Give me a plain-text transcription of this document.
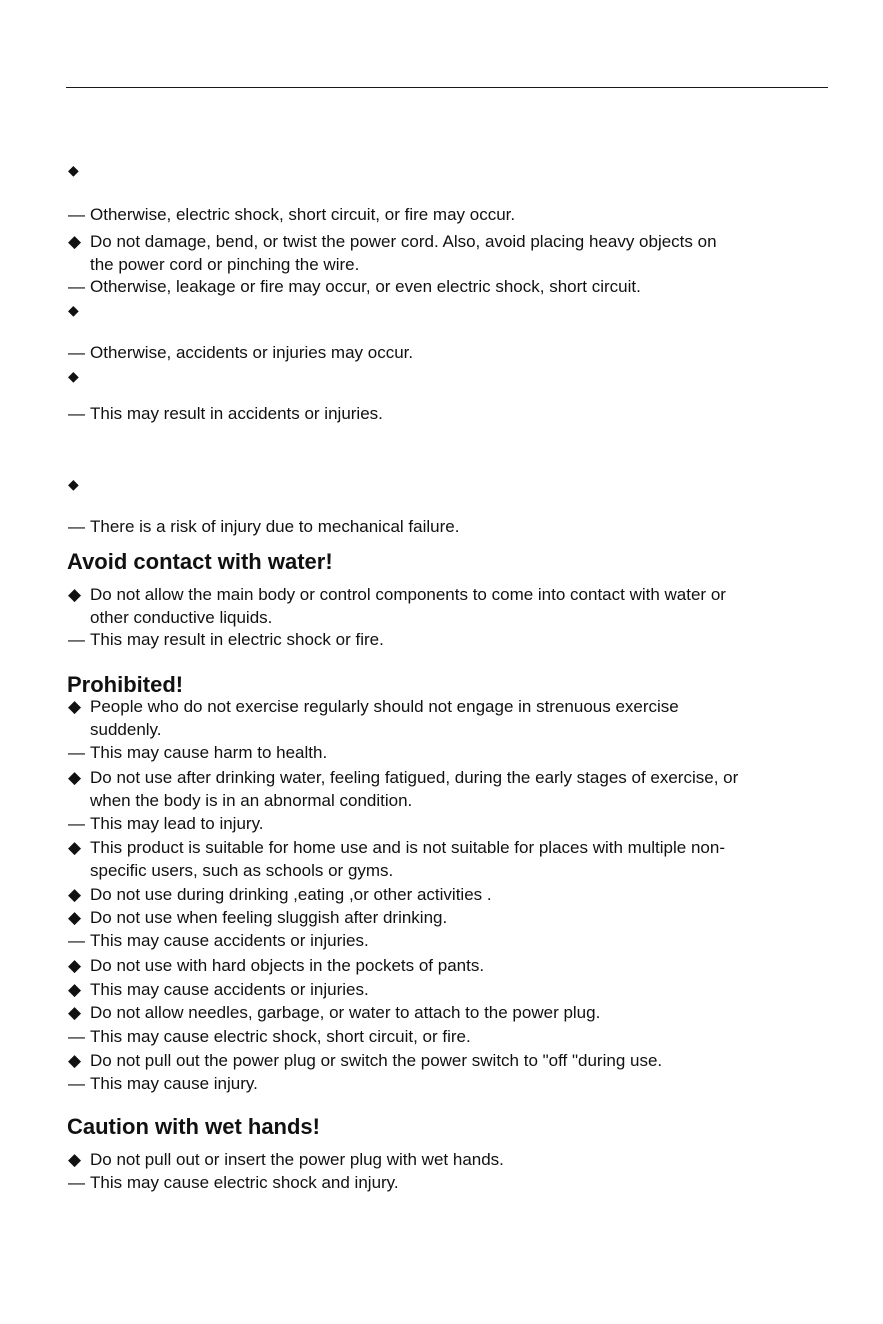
◆
— Otherwise, electric shock, short circuit, or fire may occur.
◆ Do not damage, bend, or twist the power cord. Also, avoid placing heavy objects on
the power cord or pinching the wire.
— Otherwise, leakage or fire may occur, or even electric shock, short circuit.
◆
— Otherwise, accidents or injuries may occur.
◆
— This may result in accidents or injuries.
◆
— There is a risk of injury due to mechanical failure.
Avoid contact with water!
◆ Do not allow the main body or control components to come into contact with water or
other conductive liquids.
— This may result in electric shock or fire.
Prohibited!
◆ People who do not exercise regularly should not engage in strenuous exercise
suddenly.
— This may cause harm to health.
◆ Do not use after drinking water, feeling fatigued, during the early stages of exercise, or
when the body is in an abnormal condition.
— This may lead to injury.
◆ This product is suitable for home use and is not suitable for places with multiple non-
specific users, such as schools or gyms.
◆ Do not use during drinking ,eating ,or other activities .
◆ Do not use when feeling sluggish after drinking.
— This may cause accidents or injuries.
◆ Do not use with hard objects in the pockets of pants.
◆ This may cause accidents or injuries.
◆ Do not allow needles, garbage, or water to attach to the power plug.
— This may cause electric shock, short circuit, or fire.
◆ Do not pull out the power plug or switch the power switch to "off "during use.
— This may cause injury.
Caution with wet hands!
◆ Do not pull out or insert the power plug with wet hands.
— This may cause electric shock and injury.
